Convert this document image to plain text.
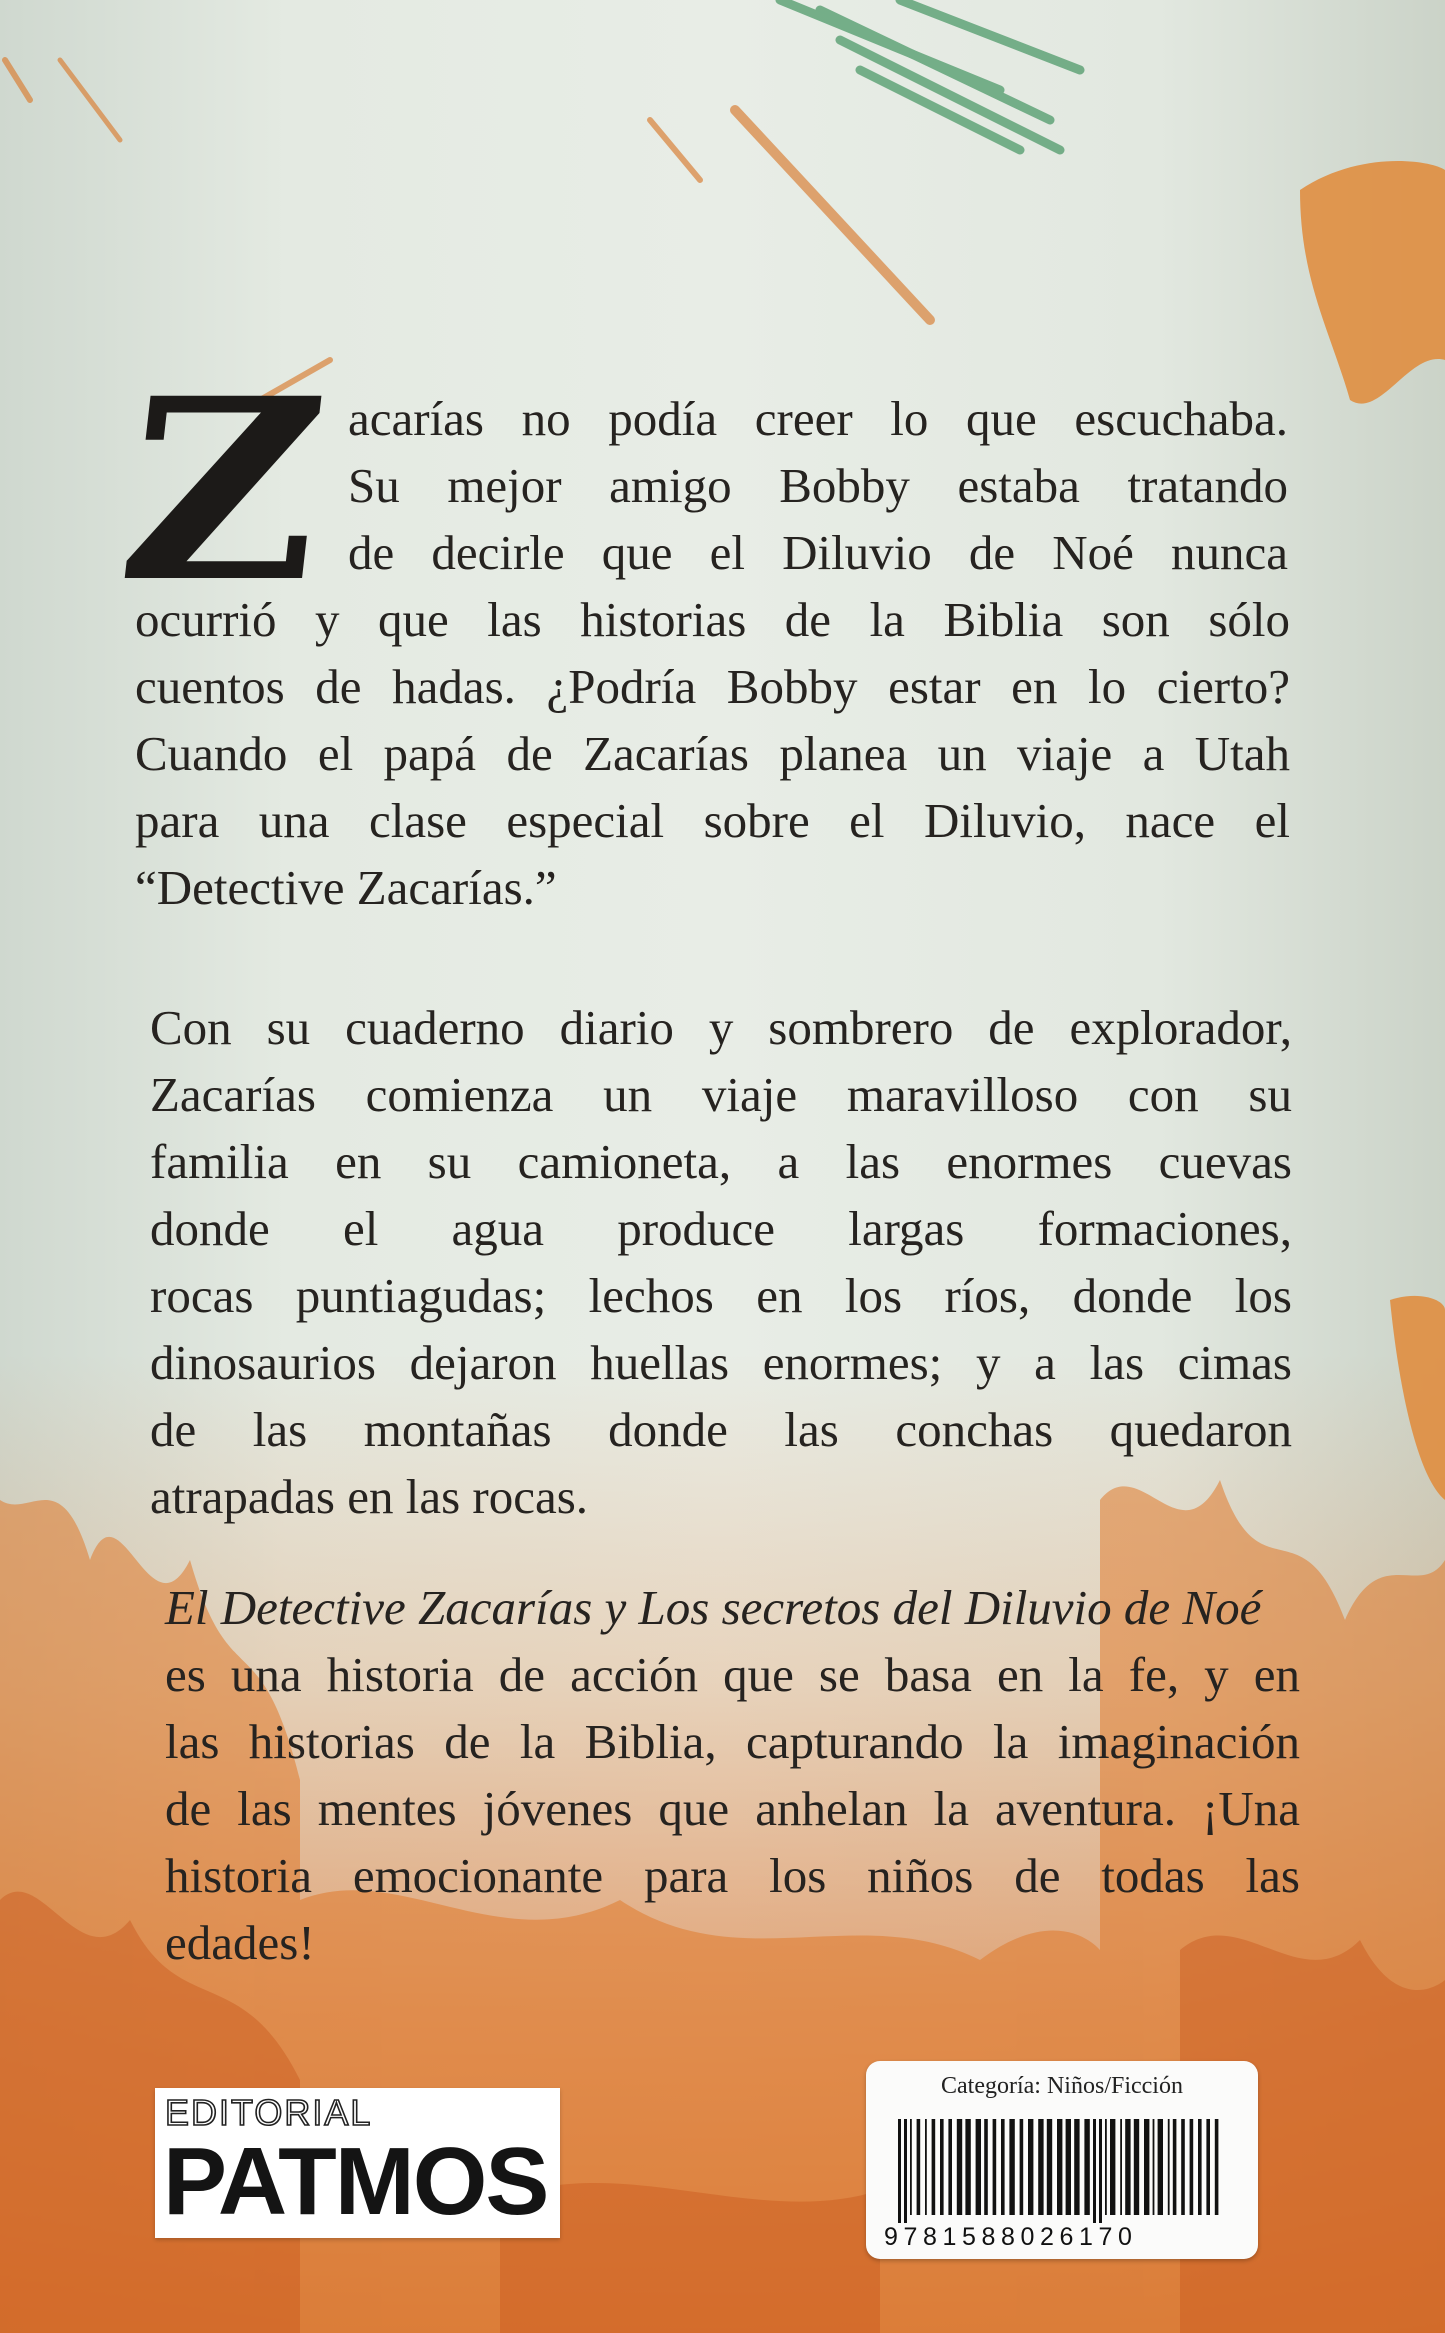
Z acarías no podía creer lo que escuchaba.
Su mejor amigo Bobby estaba tratando
de decirle que el Diluvio de Noé nunca
ocurrió y que las historias de la Biblia son sólo
cuentos de hadas. ¿Podría Bobby estar en lo cierto?
Cuando el papá de Zacarías planea un viaje a Utah
para una clase especial sobre el Diluvio, nace el
“Detective Zacarías.”
Con su cuaderno diario y sombrero de explorador,
Zacarías comienza un viaje maravilloso con su
familia en su camioneta, a las enormes cuevas
donde el agua produce largas formaciones,
rocas puntiagudas; lechos en los ríos, donde los
dinosaurios dejaron huellas enormes; y a las cimas
de las montañas donde las conchas quedaron
atrapadas en las rocas.
El Detective Zacarías y Los secretos del Diluvio de Noé
es una historia de acción que se basa en la fe, y en
las historias de la Biblia, capturando la imaginación
de las mentes jóvenes que anhelan la aventura. ¡Una
historia emocionante para los niños de todas las
edades!
EDITORIAL
PATMOS
Categoría: Niños/Ficción
9781588026170
